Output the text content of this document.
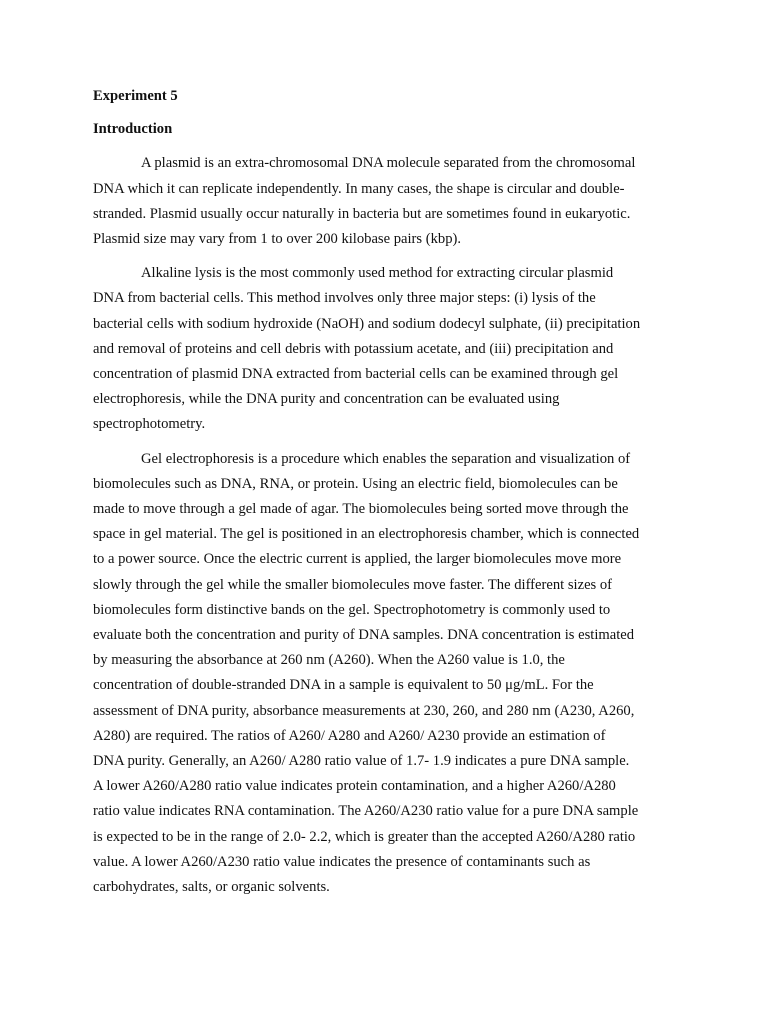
Experiment 5

Introduction

A plasmid is an extra-chromosomal DNA molecule separated from the chromosomal
DNA which it can replicate independently. In many cases, the shape is circular and double-
stranded. Plasmid usually occur naturally in bacteria but are sometimes found in eukaryotic.
Plasmid size may vary from 1 to over 200 kilobase pairs (kbp).

Alkaline lysis is the most commonly used method for extracting circular plasmid
DNA from bacterial cells. This method involves only three major steps: (i) lysis of the
bacterial cells with sodium hydroxide (NaOH) and sodium dodecyl sulphate, (ii) precipitation
and removal of proteins and cell debris with potassium acetate, and (iii) precipitation and
concentration of plasmid DNA extracted from bacterial cells can be examined through gel
electrophoresis, while the DNA purity and concentration can be evaluated using
spectrophotometry.

Gel electrophoresis is a procedure which enables the separation and visualization of
biomolecules such as DNA, RNA, or protein. Using an electric field, biomolecules can be
made to move through a gel made of agar. The biomolecules being sorted move through the
space in gel material. The gel is positioned in an electrophoresis chamber, which is connected
to a power source. Once the electric current is applied, the larger biomolecules move more
slowly through the gel while the smaller biomolecules move faster. The different sizes of
biomolecules form distinctive bands on the gel. Spectrophotometry is commonly used to
evaluate both the concentration and purity of DNA samples. DNA concentration is estimated
by measuring the absorbance at 260 nm (A260). When the A260 value is 1.0, the
concentration of double-stranded DNA in a sample is equivalent to 50 μg/mL. For the
assessment of DNA purity, absorbance measurements at 230, 260, and 280 nm (A230, A260,
A280) are required. The ratios of A260/ A280 and A260/ A230 provide an estimation of
DNA purity. Generally, an A260/ A280 ratio value of 1.7- 1.9 indicates a pure DNA sample.
A lower A260/A280 ratio value indicates protein contamination, and a higher A260/A280
ratio value indicates RNA contamination. The A260/A230 ratio value for a pure DNA sample
is expected to be in the range of 2.0- 2.2, which is greater than the accepted A260/A280 ratio
value. A lower A260/A230 ratio value indicates the presence of contaminants such as
carbohydrates, salts, or organic solvents.
